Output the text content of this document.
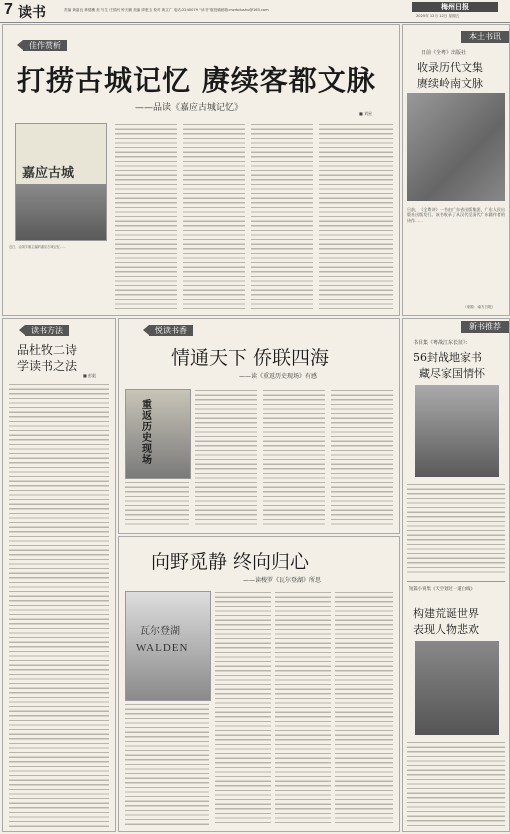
7 读书	责编 黄嘉良 林德穗 美 写生 庄国河 钟天鹏 美编 廖惠玉 校对 黄文广 电话:2240079 “读书”版投稿邮箱:mzrbdushu@163.com	梅州日报
2025年 12月 12日 星期五
佳作赏析
打捞古城记忆 赓续客都文脉
——品读《嘉应古城记忆》
■ 刘星
嘉应古城
近日，由刘宇雄主编的嘉应古城记忆……
本土书讯
日前《全粤》出版社
收录历代文集
赓续岭南文脉
日前，《全粤诗》一书由广东省出版集团、广东人民出版社出版发行。该书收录了从汉代至清代广东籍作者的诗作……
（来源：南方日报）
读书方法
品杜牧二诗
学读书之法
■ 彭彪
悦读书香
情通天下 侨联四海
——读《重返历史现场》有感
重返历史现场
新书推荐
书目集《粤战江东长征》：
56封战地家书
藏尽家国情怀
短篇小说集《天空划过一道白线》
构建荒诞世界
表现人物悲欢
向野觅静 终向归心
——读梭罗《瓦尔登湖》所思
瓦尔登湖
WALDEN
